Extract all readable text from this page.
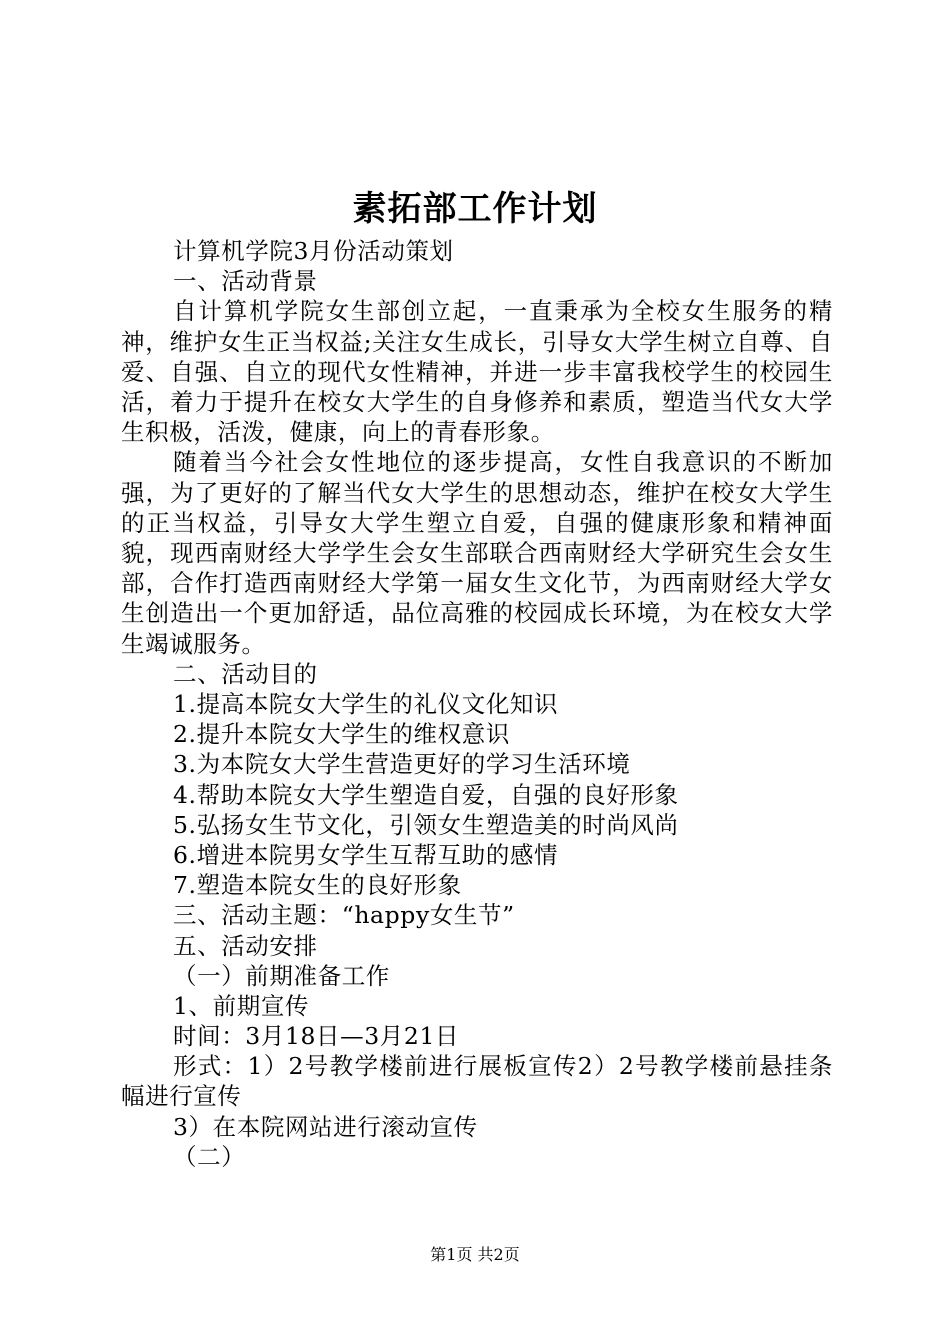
素拓部工作计划

计算机学院3月份活动策划

一、活动背景

自计算机学院女生部创立起，一直秉承为全校女生服务的精神，维护女生正当权益;关注女生成长，引导女大学生树立自尊、自爱、自强、自立的现代女性精神，并进一步丰富我校学生的校园生活，着力于提升在校女大学生的自身修养和素质，塑造当代女大学生积极，活泼，健康，向上的青春形象。

随着当今社会女性地位的逐步提高，女性自我意识的不断加强，为了更好的了解当代女大学生的思想动态，维护在校女大学生的正当权益，引导女大学生塑立自爱，自强的健康形象和精神面貌，现西南财经大学学生会女生部联合西南财经大学研究生会女生部，合作打造西南财经大学第一届女生文化节，为西南财经大学女生创造出一个更加舒适，品位高雅的校园成长环境，为在校女大学生竭诚服务。

二、活动目的

1.提高本院女大学生的礼仪文化知识

2.提升本院女大学生的维权意识

3.为本院女大学生营造更好的学习生活环境

4.帮助本院女大学生塑造自爱，自强的良好形象

5.弘扬女生节文化，引领女生塑造美的时尚风尚

6.增进本院男女学生互帮互助的感情

7.塑造本院女生的良好形象

三、活动主题：“happy女生节”

五、活动安排

（一）前期准备工作

1、前期宣传

时间：3月18日—3月21日

形式：1）2号教学楼前进行展板宣传2）2号教学楼前悬挂条幅进行宣传

3）在本院网站进行滚动宣传

（二）

第1页 共2页
